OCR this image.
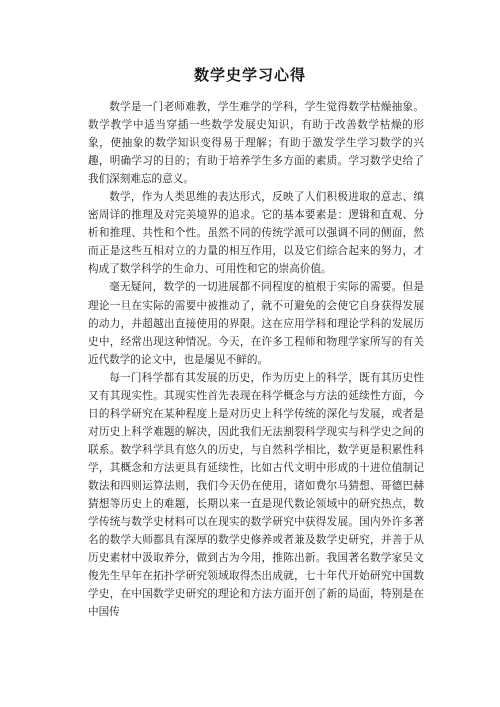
数学史学习心得

数学是一门老师难教，学生难学的学科，学生觉得数学枯燥抽象。数学教学中适当穿插一些数学发展史知识，有助于改善数学枯燥的形象，使抽象的数学知识变得易于理解；有助于激发学生学习数学的兴趣，明确学习的目的；有助于培养学生多方面的素质。学习数学史给了我们深刻难忘的意义。

数学，作为人类思维的表达形式，反映了人们积极进取的意志、缜密周详的推理及对完美境界的追求。它的基本要素是：逻辑和直观、分析和推理、共性和个性。虽然不同的传统学派可以强调不同的侧面，然而正是这些互相对立的力量的相互作用，以及它们综合起来的努力，才构成了数学科学的生命力、可用性和它的崇高价值。

毫无疑问，数学的一切进展都不同程度的植根于实际的需要。但是理论一旦在实际的需要中被推动了，就不可避免的会使它自身获得发展的动力，并超越出直接使用的界限。这在应用学科和理论学科的发展历史中，经常出现这种情况。今天，在许多工程师和物理学家所写的有关近代数学的论文中，也是屡见不鲜的。

每一门科学都有其发展的历史，作为历史上的科学，既有其历史性又有其现实性。其现实性首先表现在科学概念与方法的延续性方面，今日的科学研究在某种程度上是对历史上科学传统的深化与发展，或者是对历史上科学难题的解决，因此我们无法割裂科学现实与科学史之间的联系。数学科学具有悠久的历史，与自然科学相比，数学更是积累性科学，其概念和方法更具有延续性，比如古代文明中形成的十进位值制记数法和四则运算法则，我们今天仍在使用，诸如费尔马猜想、哥德巴赫猜想等历史上的难题，长期以来一直是现代数论领域中的研究热点，数学传统与数学史材料可以在现实的数学研究中获得发展。国内外许多著名的数学大师都具有深厚的数学史修养或者兼及数学史研究，并善于从历史素材中汲取养分，做到古为今用，推陈出新。我国著名数学家吴文俊先生早年在拓扑学研究领域取得杰出成就，七十年代开始研究中国数学史，在中国数学史研究的理论和方法方面开创了新的局面，特别是在中国传
